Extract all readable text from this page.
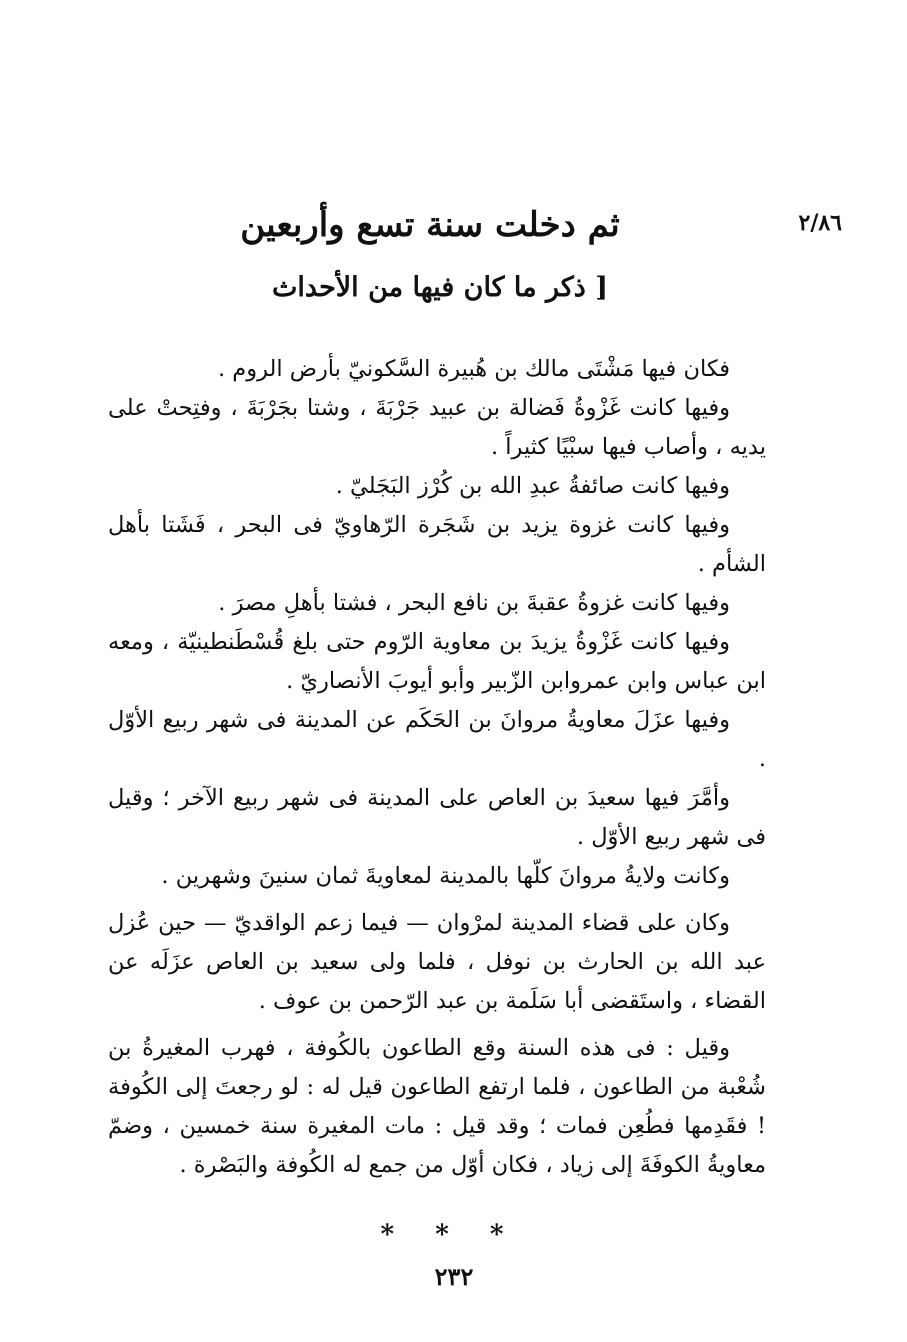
٢/٨٦
ثم دخلت سنة تسع وأربعين
[ ذكر ما كان فيها من الأحداث

فكان فيها مَشْتَى مالك بن هُبيرة السَّكونيّ بأرض الروم .

وفيها كانت غَزْوةُ فَضالة بن عبيد جَرْبَةَ ، وشتا بجَرْبَةَ ، وفتِحتْ على يديه ، وأصاب فيها سبْيًا كثيراً .

وفيها كانت صائفةُ عبدِ الله بن كُرْز البَجَليّ .

وفيها كانت غزوة يزيد بن شَجَرة الرّهاويّ فى البحر ، فَشَتا بأهل الشأم .

وفيها كانت غزوةُ عقبةَ بن نافع البحر ، فشتا بأهلِ مصرَ .

وفيها كانت غَزْوةُ يزيدَ بن معاوية الرّوم حتى بلغ قُسْطَنطينيّة ، ومعه ابن عباس وابن عمروابن الزّبير وأبو أيوبَ الأنصاريّ .

وفيها عزَلَ معاويةُ مروانَ بن الحَكَم عن المدينة فى شهر ربيع الأوّل .

وأمَّرَ فيها سعيدَ بن العاص على المدينة فى شهر ربيع الآخر ؛ وقيل فى شهر ربيع الأوّل .

وكانت ولايةُ مروانَ كلّها بالمدينة لمعاويةَ ثمان سنينَ وشهرين .

وكان على قضاء المدينة لمرْوان — فيما زعم الواقديّ — حين عُزل عبد الله بن الحارث بن نوفل ، فلما ولى سعيد بن العاص عزَلَه عن القضاء ، واستَقضى أبا سَلَمة بن عبد الرّحمن بن عوف .

وقيل : فى هذه السنة وقع الطاعون بالكُوفة ، فهرب المغيرةُ بن شُعْبة من الطاعون ، فلما ارتفع الطاعون قيل له : لو رجعتَ إلى الكُوفة ! فقَدِمها فطُعِن فمات ؛ وقد قيل : مات المغيرة سنة خمسين ، وضمّ معاويةُ الكوفَةَ إلى زياد ، فكان أوّل من جمع له الكُوفة والبَصْرة .

* * *
٢٣٢
